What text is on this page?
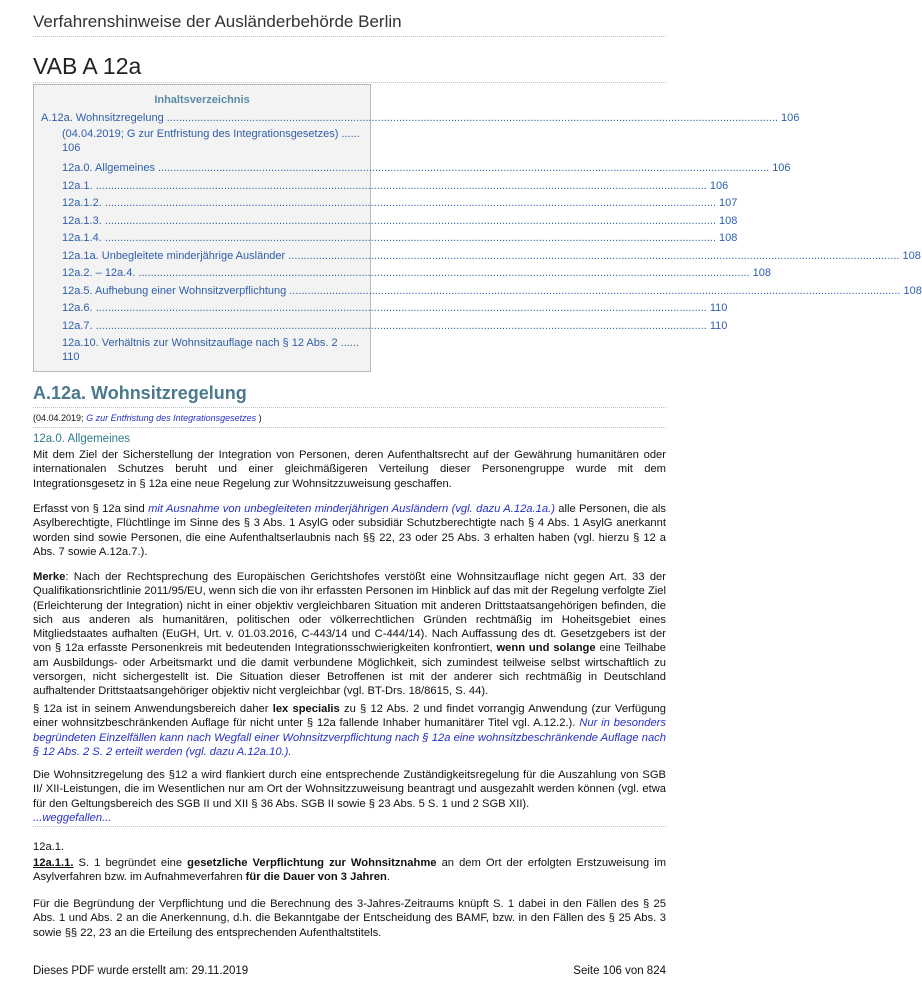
Verfahrenshinweise der Ausländerbehörde Berlin
VAB A 12a
Inhaltsverzeichnis
A.12a. Wohnsitzregelung ........................................................................................................................................................................................................ 106
(04.04.2019; G zur Entfristung des Integrationsgesetzes) ......
106
12a.0. Allgemeines ........................................................................................................................................................................................................ 106
12a.1. ........................................................................................................................................................................................................ 106
12a.1.2. ........................................................................................................................................................................................................ 107
12a.1.3. ........................................................................................................................................................................................................ 108
12a.1.4. ........................................................................................................................................................................................................ 108
12a.1a. Unbegleitete minderjährige Ausländer ........................................................................................................................................................................................................ 108
12a.2. – 12a.4. ........................................................................................................................................................................................................ 108
12a.5. Aufhebung einer Wohnsitzverpflichtung ........................................................................................................................................................................................................ 108
12a.6. ........................................................................................................................................................................................................ 110
12a.7. ........................................................................................................................................................................................................ 110
12a.10. Verhältnis zur Wohnsitzauflage nach § 12 Abs. 2 ......
110
A.12a. Wohnsitzregelung
(04.04.2019; G zur Entfristung des Integrationsgesetzes )
12a.0. Allgemeines
Mit dem Ziel der Sicherstellung der Integration von Personen, deren Aufenthaltsrecht auf der Gewährung humanitären oder internationalen Schutzes beruht und einer gleichmäßigeren Verteilung dieser Personengruppe wurde mit dem Integrationsgesetz in § 12a eine neue Regelung zur Wohnsitzzuweisung geschaffen.
Erfasst von § 12a sind mit Ausnahme von unbegleiteten minderjährigen Ausländern (vgl. dazu A.12a.1a.) alle Personen, die als Asylberechtigte, Flüchtlinge im Sinne des § 3 Abs. 1 AsylG oder subsidiär Schutzberechtigte nach § 4 Abs. 1 AsylG anerkannt worden sind sowie Personen, die eine Aufenthaltserlaubnis nach §§ 22, 23 oder 25 Abs. 3 erhalten haben (vgl. hierzu § 12 a Abs. 7 sowie A.12a.7.).
Merke: Nach der Rechtsprechung des Europäischen Gerichtshofes verstößt eine Wohnsitzauflage nicht gegen Art. 33 der Qualifikationsrichtlinie 2011/95/EU, wenn sich die von ihr erfassten Personen im Hinblick auf das mit der Regelung verfolgte Ziel (Erleichterung der Integration) nicht in einer objektiv vergleichbaren Situation mit anderen Drittstaatsangehörigen befinden, die sich aus anderen als humanitären, politischen oder völkerrechtlichen Gründen rechtmäßig im Hoheitsgebiet eines Mitgliedstaates aufhalten (EuGH, Urt. v. 01.03.2016, C-443/14 und C-444/14). Nach Auffassung des dt. Gesetzgebers ist der von § 12a erfasste Personenkreis mit bedeutenden Integrationsschwierigkeiten konfrontiert, wenn und solange eine Teilhabe am Ausbildungs- oder Arbeitsmarkt und die damit verbundene Möglichkeit, sich zumindest teilweise selbst wirtschaftlich zu versorgen, nicht sichergestellt ist. Die Situation dieser Betroffenen ist mit der anderer sich rechtmäßig in Deutschland aufhaltender Drittstaatsangehöriger objektiv nicht vergleichbar (vgl. BT-Drs. 18/8615, S. 44).
§ 12a ist in seinem Anwendungsbereich daher lex specialis zu § 12 Abs. 2 und findet vorrangig Anwendung (zur Verfügung einer wohnsitzbeschränkenden Auflage für nicht unter § 12a fallende Inhaber humanitärer Titel vgl. A.12.2.). Nur in besonders begründeten Einzelfällen kann nach Wegfall einer Wohnsitzverpflichtung nach § 12a eine wohnsitzbeschränkende Auflage nach § 12 Abs. 2 S. 2 erteilt werden (vgl. dazu A.12a.10.).
Die Wohnsitzregelung des §12 a wird flankiert durch eine entsprechende Zuständigkeitsregelung für die Auszahlung von SGB II/ XII-Leistungen, die im Wesentlichen nur am Ort der Wohnsitzzuweisung beantragt und ausgezahlt werden können (vgl. etwa für den Geltungsbereich des SGB II und XII § 36 Abs. SGB II sowie § 23 Abs. 5 S. 1 und 2 SGB XII).
...weggefallen...
12a.1.
12a.1.1. S. 1 begründet eine gesetzliche Verpflichtung zur Wohnsitznahme an dem Ort der erfolgten Erstzuweisung im Asylverfahren bzw. im Aufnahmeverfahren für die Dauer von 3 Jahren.
Für die Begründung der Verpflichtung und die Berechnung des 3-Jahres-Zeitraums knüpft S. 1 dabei in den Fällen des § 25 Abs. 1 und Abs. 2 an die Anerkennung, d.h. die Bekanntgabe der Entscheidung des BAMF, bzw. in den Fällen des § 25 Abs. 3 sowie §§ 22, 23 an die Erteilung des entsprechenden Aufenthaltstitels.
Dieses PDF wurde erstellt am: 29.11.2019	Seite 106 von 824
